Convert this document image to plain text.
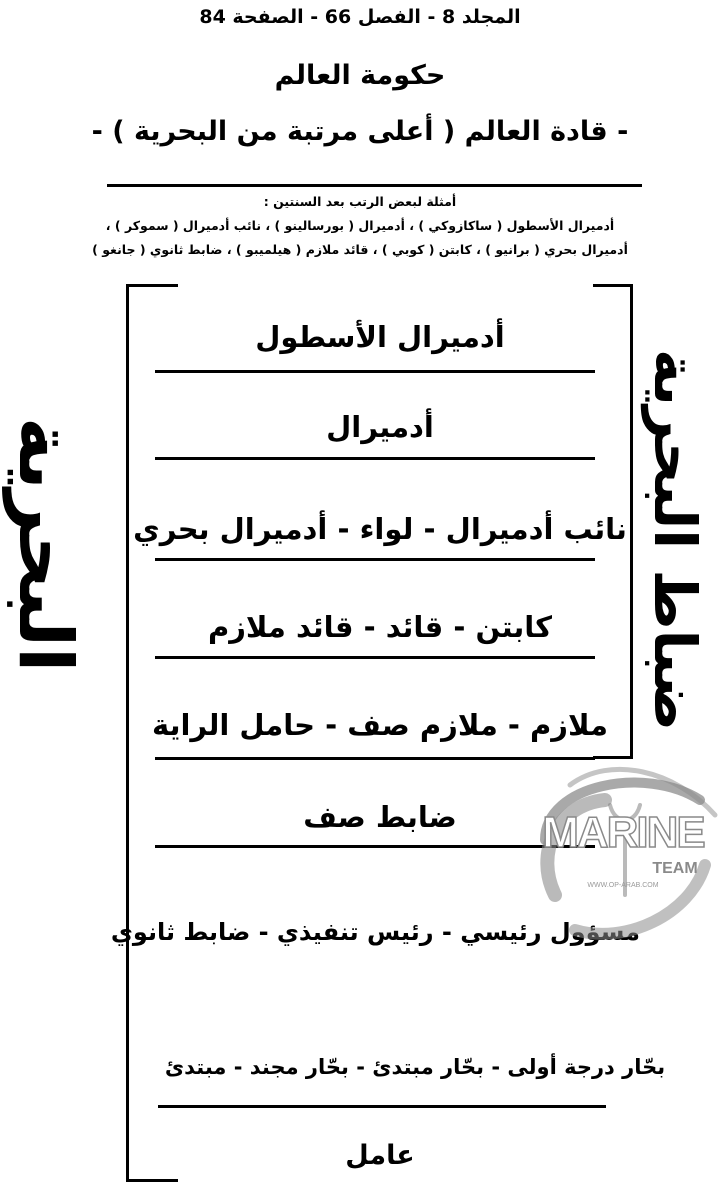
المجلد 8 - الفصل 66 - الصفحة 84
حكومة العالم
- قادة العالم ( أعلى مرتبة من البحرية ) -
أمثلة لبعض الرتب بعد السنتين :
أدميرال الأسطول ( ساكازوكي ) ، أدميرال ( بورسالينو ) ، نائب أدميرال ( سموكر ) ،
أدميرال بحري ( برانيو ) ، كابتن ( كوبي ) ، قائد ملازم ( هيلميبو ) ، ضابط ثانوي ( جانغو )
البحرية	ضباط البحرية
أدميرال الأسطول
أدميرال
نائب أدميرال - لواء - أدميرال بحري
كابتن - قائد - قائد ملازم
ملازم - ملازم صف - حامل الراية
ضابط صف
مسؤول رئيسي - رئيس تنفيذي - ضابط ثانوي
بحّار درجة أولى - بحّار مبتدئ - بحّار مجند - مبتدئ
عامل
MARINE
TEAM
WWW.OP-ARAB.COM
